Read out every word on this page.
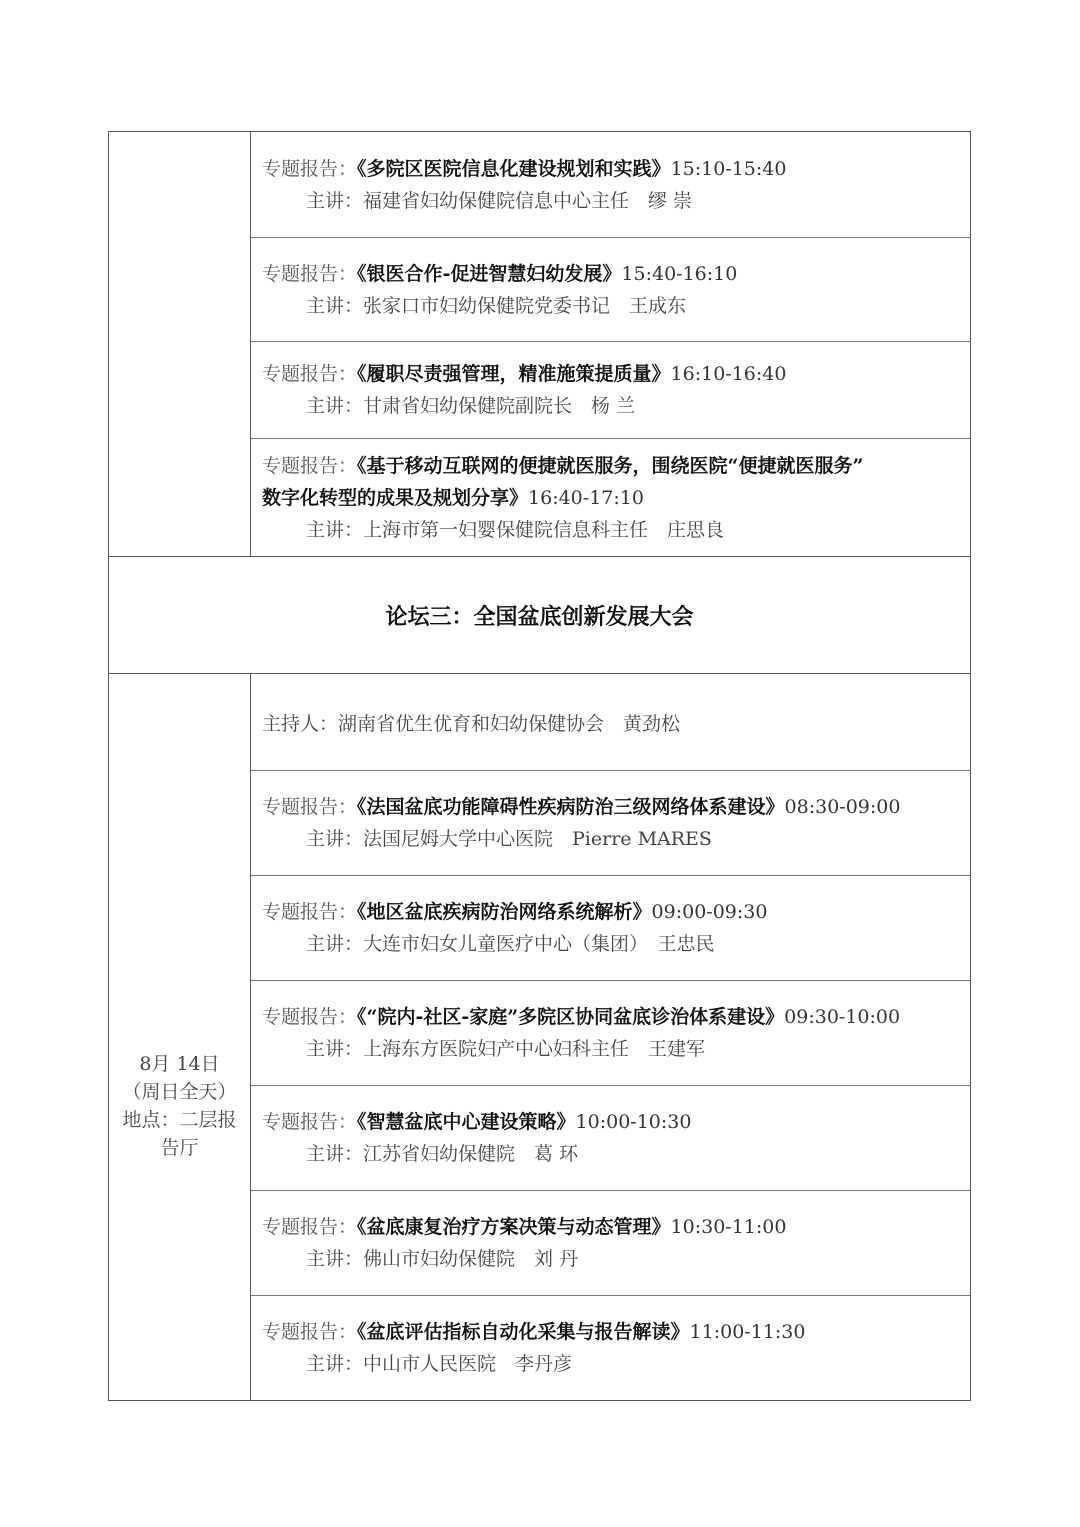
专题报告：《多院区医院信息化建设规划和实践》15:10-15:40
主讲：福建省妇幼保健院信息中心主任　缪 崇
专题报告：《银医合作-促进智慧妇幼发展》15:40-16:10
主讲：张家口市妇幼保健院党委书记　王成东
专题报告：《履职尽责强管理，精准施策提质量》16:10-16:40
主讲：甘肃省妇幼保健院副院长　杨 兰
专题报告：《基于移动互联网的便捷就医服务，围绕医院“便捷就医服务”
数字化转型的成果及规划分享》16:40-17:10
主讲：上海市第一妇婴保健院信息科主任　庄思良
论坛三：全国盆底创新发展大会
8月 14日
（周日全天）
地点：二层报
告厅
主持人：湖南省优生优育和妇幼保健协会　黄劲松
专题报告：《法国盆底功能障碍性疾病防治三级网络体系建设》08:30-09:00
主讲：法国尼姆大学中心医院　Pierre MARES
专题报告：《地区盆底疾病防治网络系统解析》09:00-09:30
主讲：大连市妇女儿童医疗中心（集团）　王忠民
专题报告：《“院内-社区-家庭”多院区协同盆底诊治体系建设》09:30-10:00
主讲：上海东方医院妇产中心妇科主任　王建军
专题报告：《智慧盆底中心建设策略》10:00-10:30
主讲：江苏省妇幼保健院　葛 环
专题报告：《盆底康复治疗方案决策与动态管理》10:30-11:00
主讲：佛山市妇幼保健院　刘 丹
专题报告：《盆底评估指标自动化采集与报告解读》11:00-11:30
主讲：中山市人民医院　李丹彦
